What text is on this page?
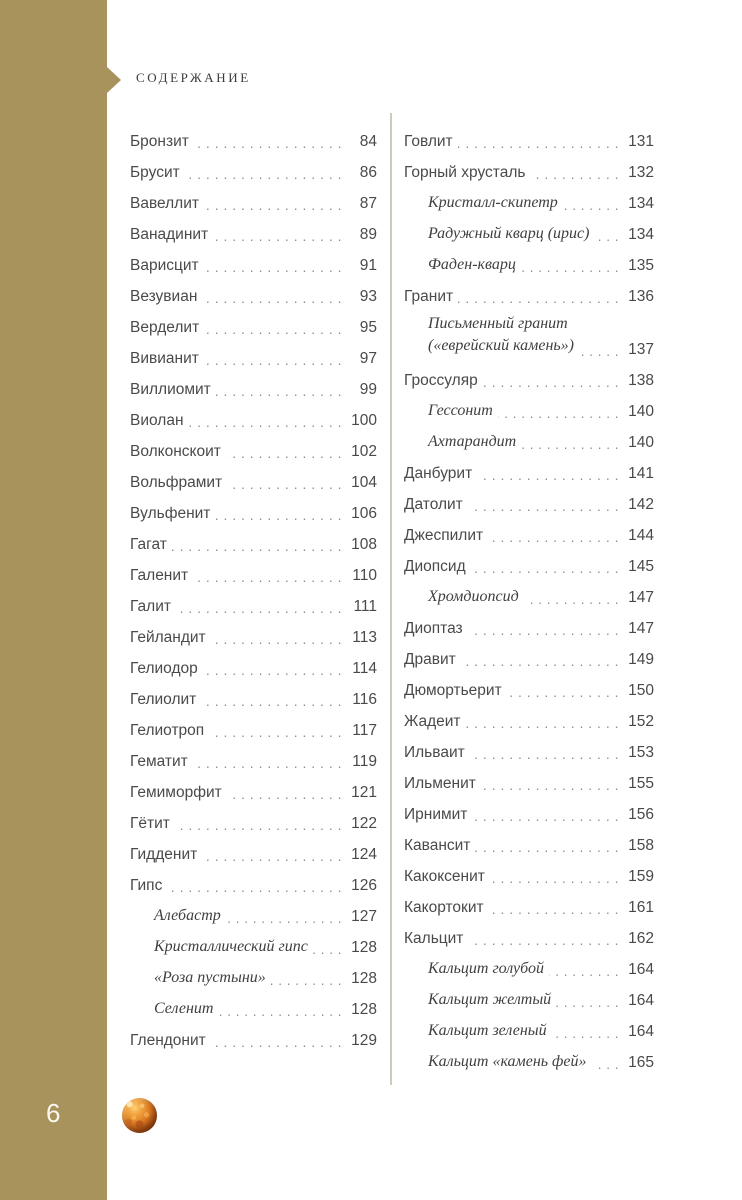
6
СОДЕРЖАНИЕ
Бронзит . . .	84
Брусит . . .	86
Вавеллит . . .	87
Ванадинит . . .	89
Варисцит . . .	91
Везувиан . . .	93
Верделит . . .	95
Вивианит . . .	97
Виллиомит . . .	99
Виолан . . .	100
Волконскоит . . .	102
Вольфрамит . . .	104
Вульфенит . . .	106
Гагат . . .	108
Галенит . . .	110
Галит . . .	111
Гейландит . . .	113
Гелиодор . . .	114
Гелиолит . . .	116
Гелиотроп . . .	117
Гематит . . .	119
Гемиморфит . . .	121
Гётит . . .	122
Гидденит . . .	124
Гипс . . .	126
Алебастр . . .	127
Кристаллический гипс . . .	128
«Роза пустыни» . . .	128
Селенит . . .	128
Глендонит . . .	129
Говлит . . .	131
Горный хрусталь . . .	132
Кристалл-скипетр . . .	134
Радужный кварц (ирис) . . .	134
Фаден-кварц . . .	135
Гранит . . .	136
Письменный гранит
(«еврейский камень») . . .	137
Гроссуляр . . .	138
Гессонит . . .	140
Ахтарандит . . .	140
Данбурит . . .	141
Датолит . . .	142
Джеспилит . . .	144
Диопсид . . .	145
Хромдиопсид . . .	147
Диоптаз . . .	147
Дравит . . .	149
Дюмортьерит . . .	150
Жадеит . . .	152
Ильваит . . .	153
Ильменит . . .	155
Ирнимит . . .	156
Кавансит . . .	158
Какоксенит . . .	159
Какортокит . . .	161
Кальцит . . .	162
Кальцит голубой . . .	164
Кальцит желтый . . .	164
Кальцит зеленый . . .	164
Кальцит «камень фей» . . .	165
